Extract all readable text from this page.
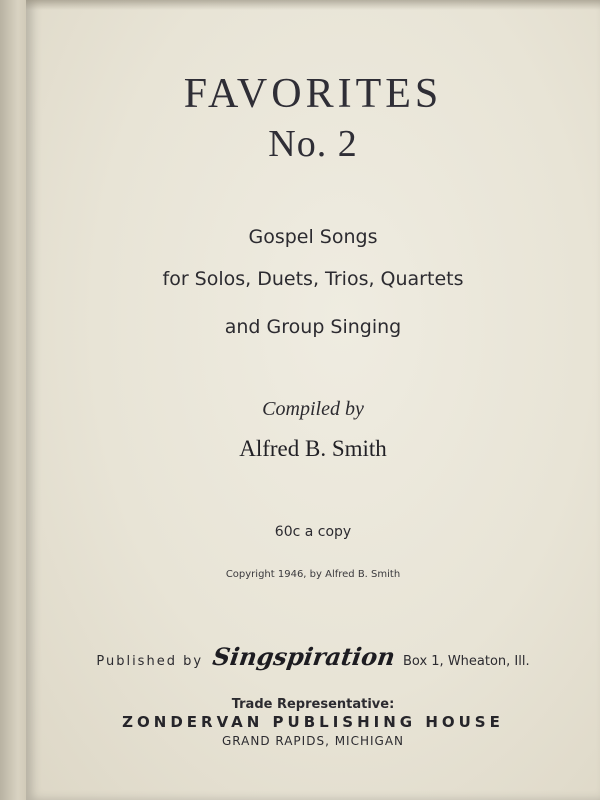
FAVORITES
No. 2
Gospel Songs
for Solos, Duets, Trios, Quartets
and Group Singing
Compiled by
Alfred B. Smith
60c a copy
Copyright 1946, by Alfred B. Smith
Published by Singspiration Box 1, Wheaton, Ill.
Trade Representative:
ZONDERVAN PUBLISHING HOUSE
GRAND RAPIDS, MICHIGAN
